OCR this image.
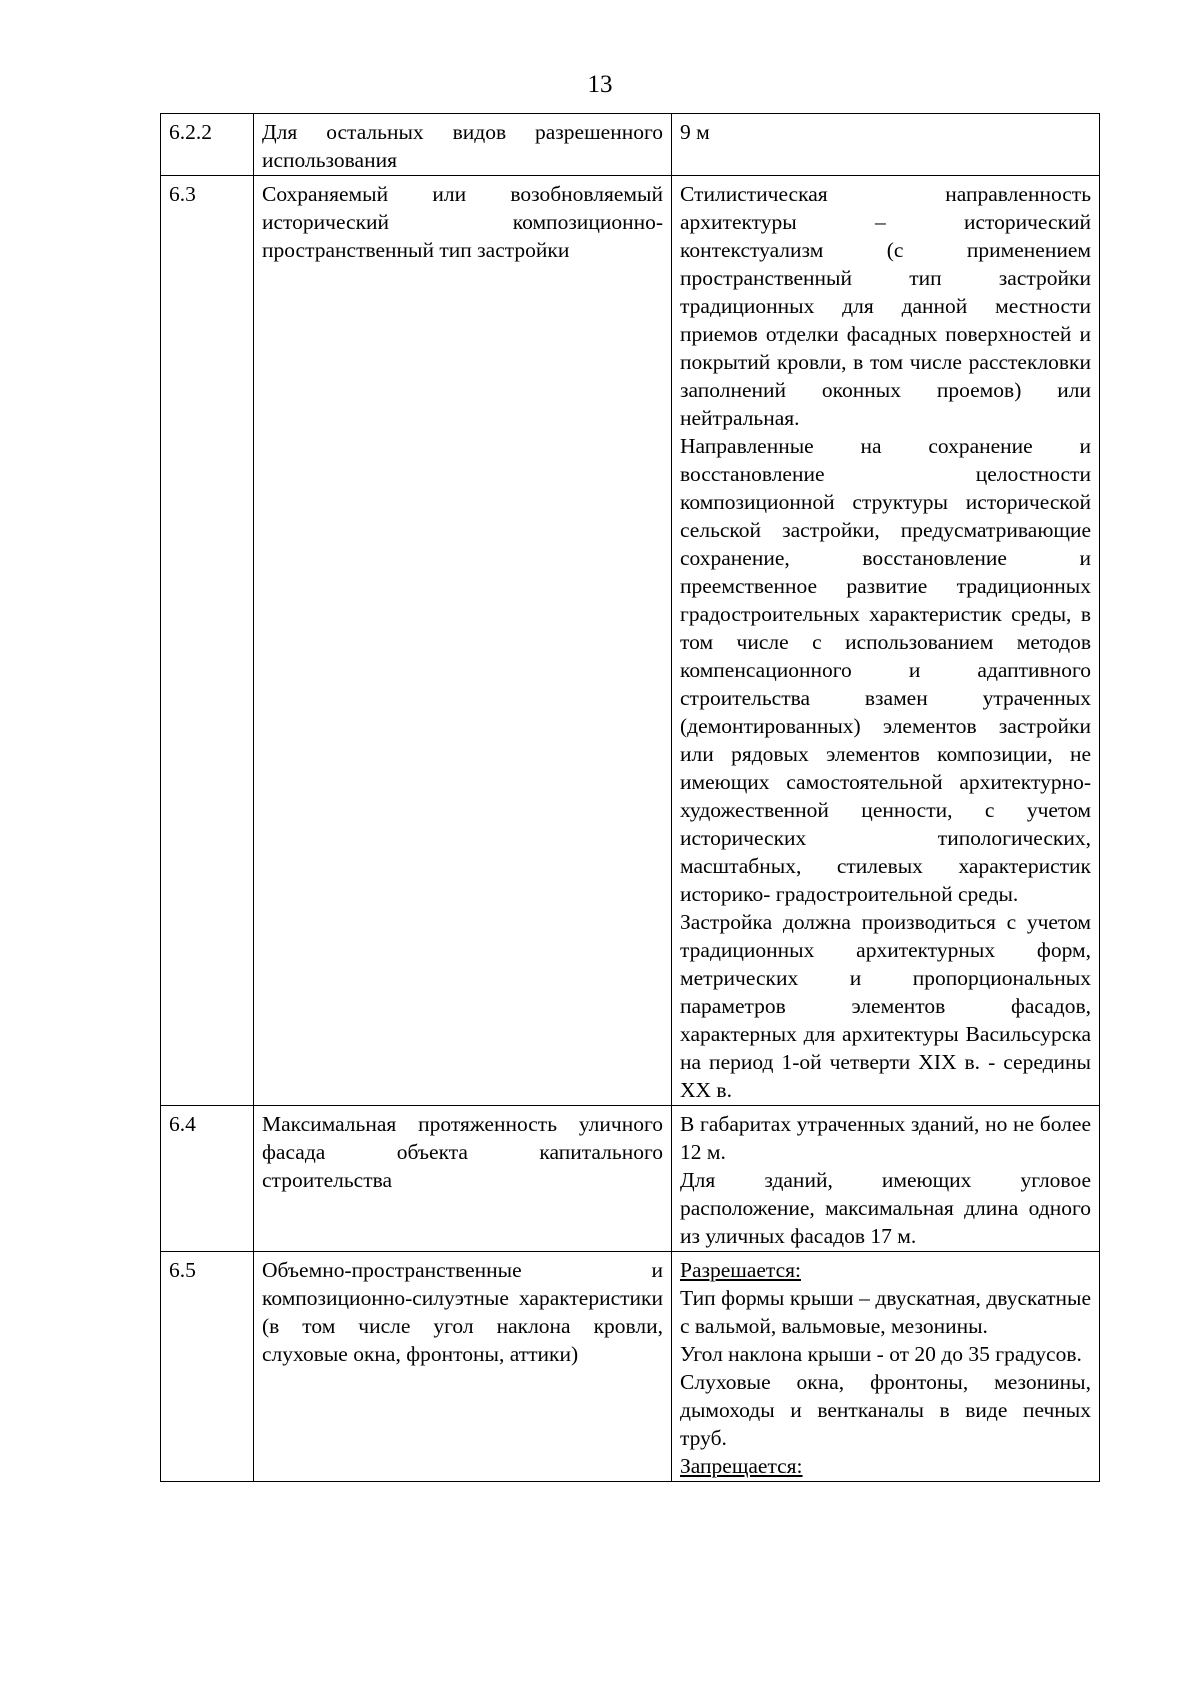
13
6.2.2	Для остальных видов разрешенного использования	9 м

6.3	Сохраняемый или возобновляемый исторический композиционно- пространственный тип застройки	Стилистическая направленность архитектуры – исторический контекстуализм (с применением пространственный тип застройки традиционных для данной местности приемов отделки фасадных поверхностей и покрытий кровли, в том числе расстекловки заполнений оконных проемов) или нейтральная.
Направленные на сохранение и восстановление целостности композиционной структуры исторической сельской застройки, предусматривающие сохранение, восстановление и преемственное развитие традиционных градостроительных характеристик среды, в том числе с использованием методов компенсационного и адаптивного строительства взамен утраченных (демонтированных) элементов застройки или рядовых элементов композиции, не имеющих самостоятельной архитектурно-художественной ценности, с учетом исторических типологических, масштабных, стилевых характеристик историко- градостроительной среды.
Застройка должна производиться с учетом традиционных архитектурных форм, метрических и пропорциональных параметров элементов фасадов, характерных для архитектуры Васильсурска на период 1-ой четверти XIX в. - середины XX в.

6.4	Максимальная протяженность уличного фасада объекта капитального строительства	В габаритах утраченных зданий, но не более 12 м.
Для зданий, имеющих угловое расположение, максимальная длина одного из уличных фасадов 17 м.

6.5	Объемно-пространственные и композиционно-силуэтные характеристики (в том числе угол наклона кровли, слуховые окна, фронтоны, аттики)	Разрешается:
Тип формы крыши – двускатная, двускатные с вальмой, вальмовые, мезонины.
Угол наклона крыши - от 20 до 35 градусов.
Слуховые окна, фронтоны, мезонины, дымоходы и вентканалы в виде печных труб.
Запрещается:
